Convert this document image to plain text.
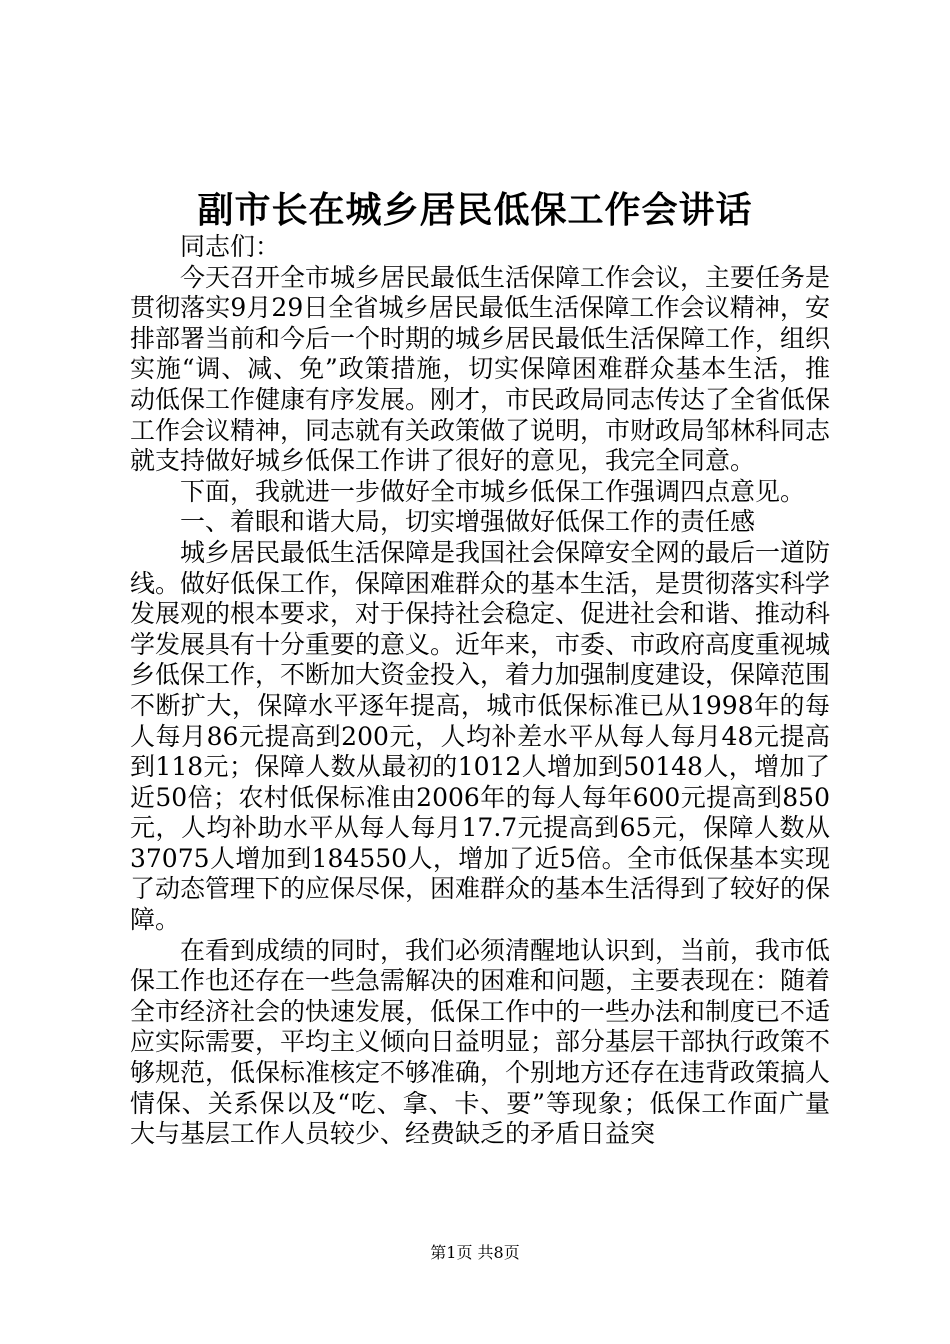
副市长在城乡居民低保工作会讲话

同志们：

今天召开全市城乡居民最低生活保障工作会议，主要任务是贯彻落实9月29日全省城乡居民最低生活保障工作会议精神，安排部署当前和今后一个时期的城乡居民最低生活保障工作，组织实施“调、减、免”政策措施，切实保障困难群众基本生活，推动低保工作健康有序发展。刚才，市民政局同志传达了全省低保工作会议精神，同志就有关政策做了说明，市财政局邹林科同志就支持做好城乡低保工作讲了很好的意见，我完全同意。

下面，我就进一步做好全市城乡低保工作强调四点意见。

一、着眼和谐大局，切实增强做好低保工作的责任感

城乡居民最低生活保障是我国社会保障安全网的最后一道防线。做好低保工作，保障困难群众的基本生活，是贯彻落实科学发展观的根本要求，对于保持社会稳定、促进社会和谐、推动科学发展具有十分重要的意义。近年来，市委、市政府高度重视城乡低保工作，不断加大资金投入，着力加强制度建设，保障范围不断扩大，保障水平逐年提高，城市低保标准已从1998年的每人每月86元提高到200元，人均补差水平从每人每月48元提高到118元；保障人数从最初的1012人增加到50148人，增加了近50倍；农村低保标准由2006年的每人每年600元提高到850元，人均补助水平从每人每月17.7元提高到65元，保障人数从37075人增加到184550人，增加了近5倍。全市低保基本实现了动态管理下的应保尽保，困难群众的基本生活得到了较好的保障。

在看到成绩的同时，我们必须清醒地认识到，当前，我市低保工作也还存在一些急需解决的困难和问题，主要表现在：随着全市经济社会的快速发展，低保工作中的一些办法和制度已不适应实际需要，平均主义倾向日益明显；部分基层干部执行政策不够规范，低保标准核定不够准确，个别地方还存在违背政策搞人情保、关系保以及“吃、拿、卡、要”等现象；低保工作面广量大与基层工作人员较少、经费缺乏的矛盾日益突

第1页 共8页
